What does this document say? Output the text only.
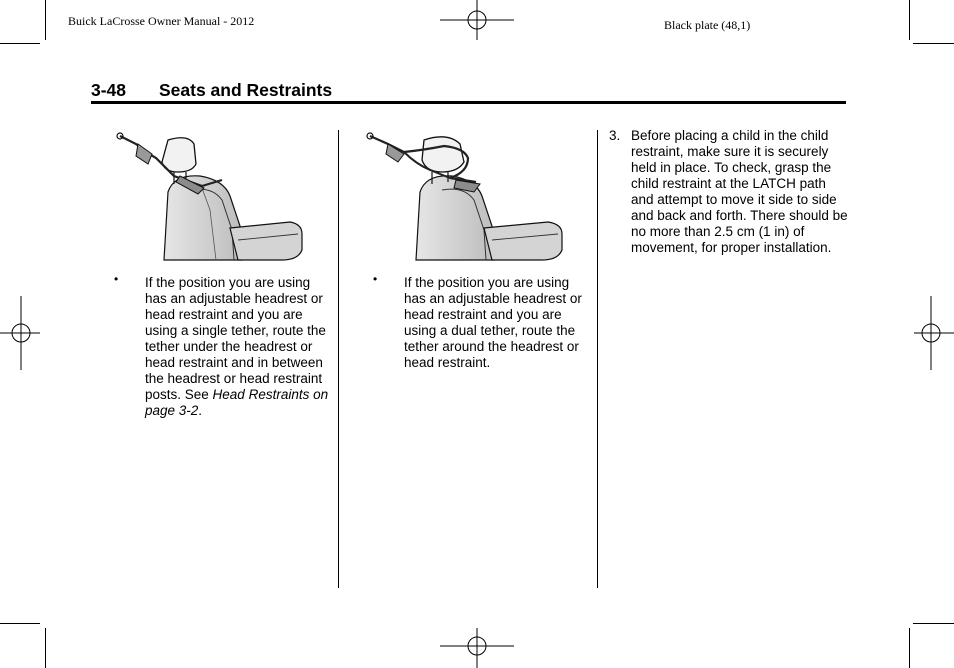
Buick LaCrosse Owner Manual - 2012	Black plate (48,1)
3-48 Seats and Restraints
• If the position you are using has an adjustable headrest or head restraint and you are using a single tether, route the tether under the headrest or head restraint and in between the headrest or head restraint posts. See Head Restraints on page 3-2.
• If the position you are using has an adjustable headrest or head restraint and you are using a dual tether, route the tether around the headrest or head restraint.
3. Before placing a child in the child restraint, make sure it is securely held in place. To check, grasp the child restraint at the LATCH path and attempt to move it side to side and back and forth. There should be no more than 2.5 cm (1 in) of movement, for proper installation.
